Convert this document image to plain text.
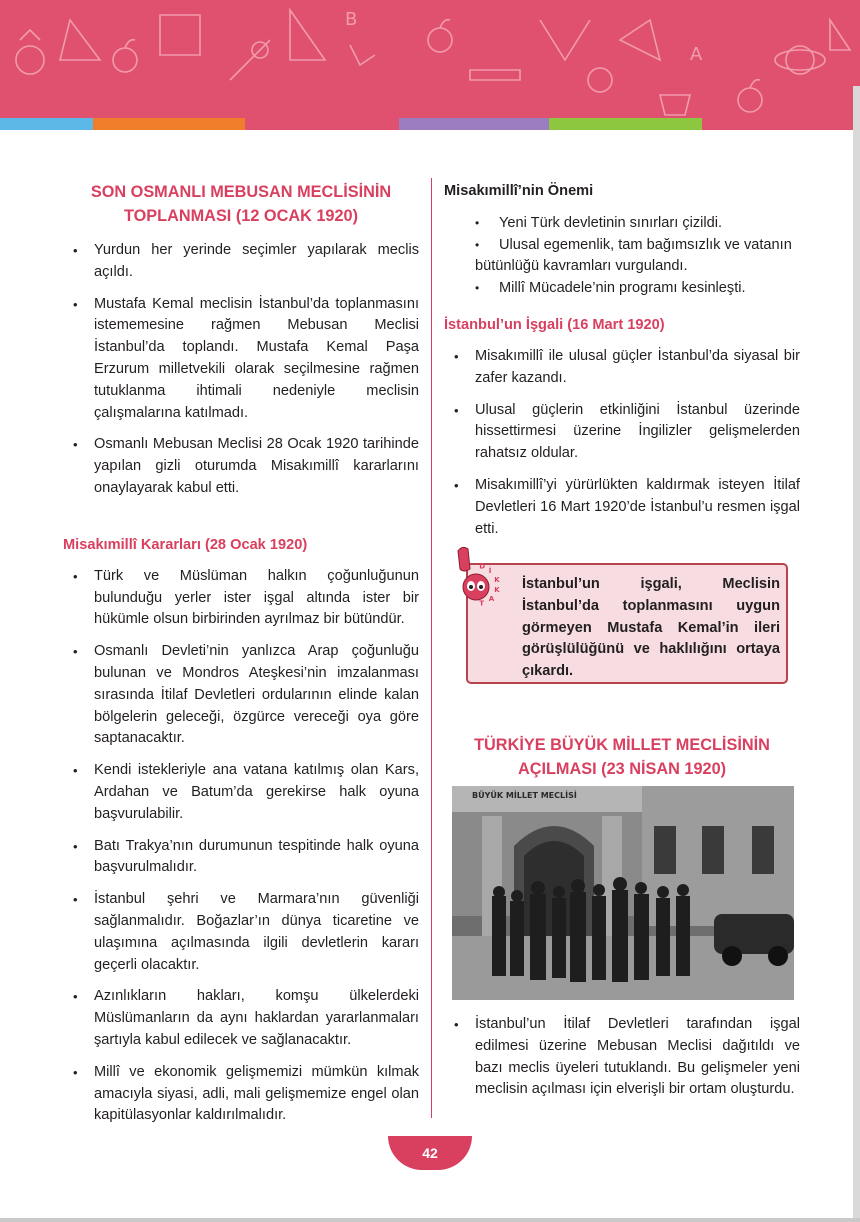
B
A
SON OSMANLI MEBUSAN MECLİSİNİN
TOPLANMASI (12 OCAK 1920)
• Yurdun her yerinde seçimler yapılarak meclis açıldı.
• Mustafa Kemal meclisin İstanbul’da toplanmasını istememesine rağmen Mebusan Meclisi İstanbul’da toplandı. Mustafa Kemal Paşa Erzurum milletvekili olarak seçilmesine rağmen tutuklanma ihtimali nedeniyle meclisin çalışmalarına katılmadı.
• Osmanlı Mebusan Meclisi 28 Ocak 1920 tarihinde yapılan gizli oturumda Misakımillî kararlarını onaylayarak kabul etti.
Misakımillî Kararları (28 Ocak 1920)
• Türk ve Müslüman halkın çoğunluğunun bulunduğu yerler ister işgal altında ister bir hükümle olsun birbirinden ayrılmaz bir bütündür.
• Osmanlı Devleti’nin yanlızca Arap çoğunluğu bulunan ve Mondros Ateşkesi’nin imzalanması sırasında İtilaf Devletleri ordularının elinde kalan bölgelerin geleceği, özgürce vereceği oya göre saptanacaktır.
• Kendi istekleriyle ana vatana katılmış olan Kars, Ardahan ve Batum’da gerekirse halk oyuna başvurulabilir.
• Batı Trakya’nın durumunun tespitinde halk oyuna başvurulmalıdır.
• İstanbul şehri ve Marmara’nın güvenliği sağlanmalıdır. Boğazlar’ın dünya ticaretine ve ulaşımına açılmasında ilgili devletlerin kararı geçerli olacaktır.
• Azınlıkların hakları, komşu ülkelerdeki Müslümanların da aynı haklardan yararlanmaları şartıyla kabul edilecek ve sağlanacaktır.
• Millî ve ekonomik gelişmemizi mümkün kılmak amacıyla siyasi, adli, mali gelişmemize engel olan kapitülasyonlar kaldırılmalıdır.
Misakımillî’nin Önemi
• Yeni Türk devletinin sınırları çizildi.
• Ulusal egemenlik, tam bağımsızlık ve vatanın bütünlüğü kavramları vurgulandı.
• Millî Mücadele’nin programı kesinleşti.
İstanbul’un İşgali (16 Mart 1920)
• Misakımillî ile ulusal güçler İstanbul’da siyasal bir zafer kazandı.
• Ulusal güçlerin etkinliğini İstanbul üzerinde hissettirmesi üzerine İngilizler gelişmelerden rahatsız oldular.
• Misakımillî’yi yürürlükten kaldırmak isteyen İtilaf Devletleri 16 Mart 1920’de İstanbul’u resmen işgal etti.

İstanbul’un işgali, Meclisin İstanbul’da toplanmasını uygun görmeyen Mustafa Kemal’in ileri görüşlülüğünü ve haklılığını ortaya çıkardı.

DİK K A T
TÜRKİYE BÜYÜK MİLLET MECLİSİNİN
AÇILMASI (23 NİSAN 1920)
BÜYÜK MİLLET MECLİSİ
• İstanbul’un İtilaf Devletleri tarafından işgal edilmesi üzerine Mebusan Meclisi dağıtıldı ve bazı meclis üyeleri tutuklandı. Bu gelişmeler yeni meclisin açılması için elverişli bir ortam oluşturdu.
42
